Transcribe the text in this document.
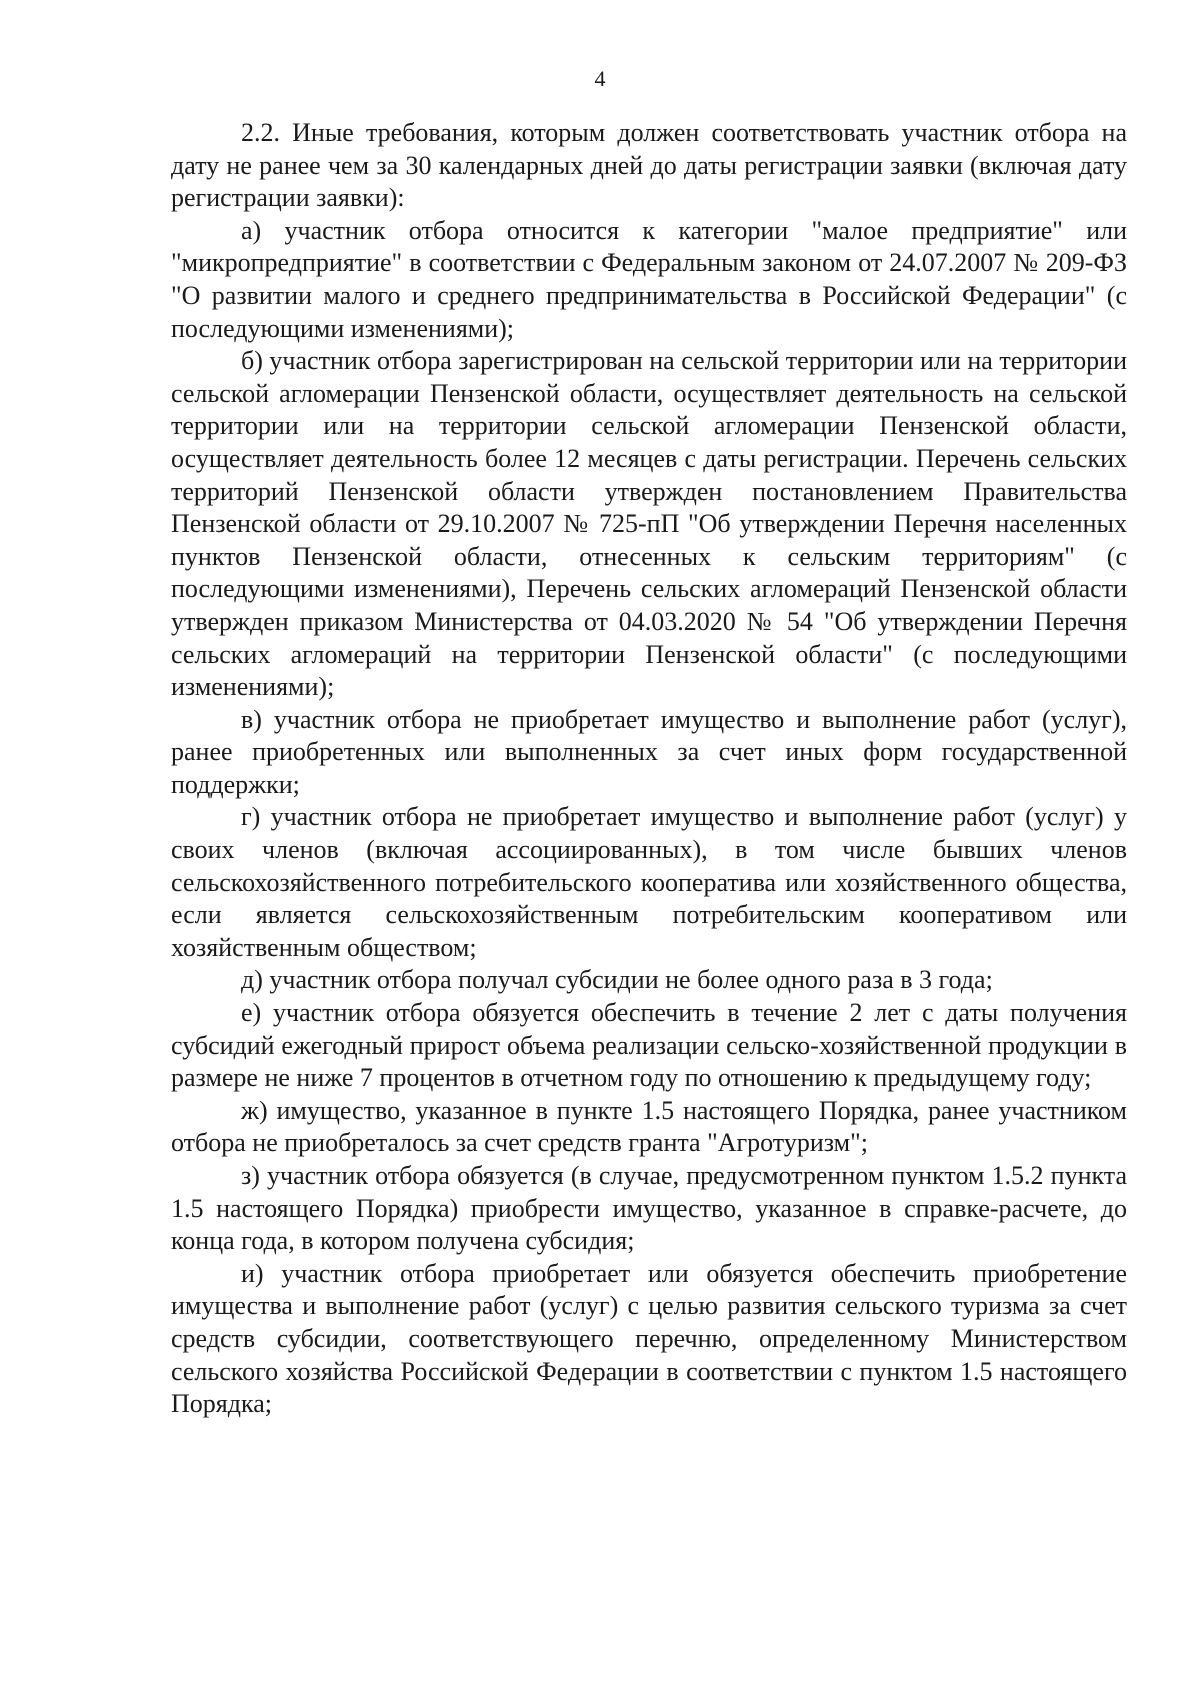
4

2.2. Иные требования, которым должен соответствовать участник отбора на дату не ранее чем за 30 календарных дней до даты регистрации заявки (включая дату регистрации заявки):

а) участник отбора относится к категории "малое предприятие" или "микропредприятие" в соответствии с Федеральным законом от 24.07.2007 № 209-ФЗ "О развитии малого и среднего предпринимательства в Российской Федерации" (с последующими изменениями);

б) участник отбора зарегистрирован на сельской территории или на территории сельской агломерации Пензенской области, осуществляет деятельность на сельской территории или на территории сельской агломерации Пензенской области, осуществляет деятельность более 12 месяцев с даты регистрации. Перечень сельских территорий Пензенской области утвержден постановлением Правительства Пензенской области от 29.10.2007 № 725-пП "Об утверждении Перечня населенных пунктов Пензенской области, отнесенных к сельским территориям" (с последующими изменениями), Перечень сельских агломераций Пензенской области утвержден приказом Министерства от 04.03.2020 № 54 "Об утверждении Перечня сельских агломераций на территории Пензенской области" (с последующими изменениями);

в) участник отбора не приобретает имущество и выполнение работ (услуг), ранее приобретенных или выполненных за счет иных форм государственной поддержки;

г) участник отбора не приобретает имущество и выполнение работ (услуг) у своих членов (включая ассоциированных), в том числе бывших членов сельскохозяйственного потребительского кооператива или хозяйственного общества, если является сельскохозяйственным потребительским кооперативом или хозяйственным обществом;

д) участник отбора получал субсидии не более одного раза в 3 года;

е) участник отбора обязуется обеспечить в течение 2 лет с даты получения субсидий ежегодный прирост объема реализации сельско-хозяйственной продукции в размере не ниже 7 процентов в отчетном году по отношению к предыдущему году;

ж) имущество, указанное в пункте 1.5 настоящего Порядка, ранее участником отбора не приобреталось за счет средств гранта "Агротуризм";

з) участник отбора обязуется (в случае, предусмотренном пунктом 1.5.2 пункта 1.5 настоящего Порядка) приобрести имущество, указанное в справке-расчете, до конца года, в котором получена субсидия;

и) участник отбора приобретает или обязуется обеспечить приобретение имущества и выполнение работ (услуг) с целью развития сельского туризма за счет средств субсидии, соответствующего перечню, определенному Министерством сельского хозяйства Российской Федерации в соответствии с пунктом 1.5 настоящего Порядка;
